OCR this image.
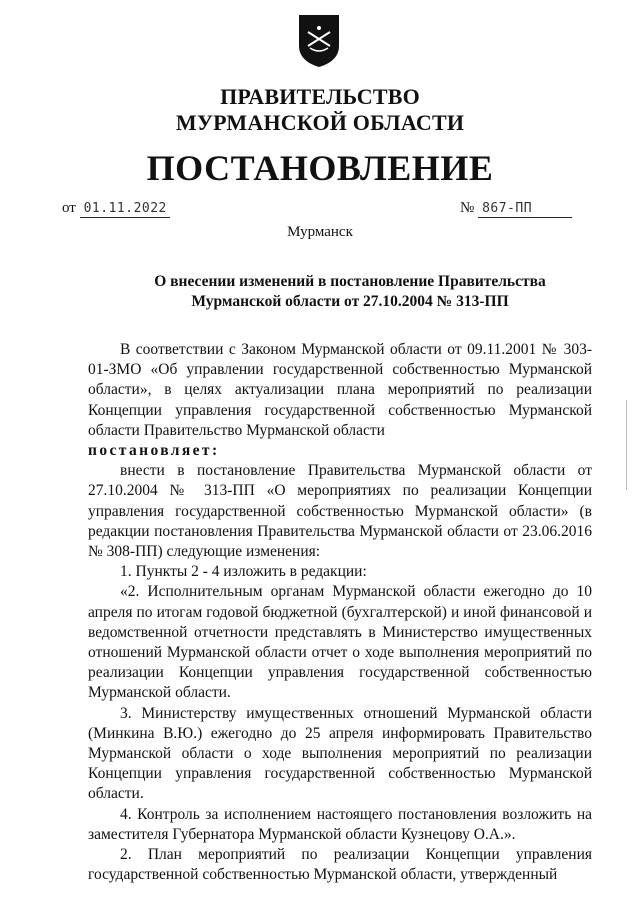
ПРАВИТЕЛЬСТВО
МУРМАНСКОЙ ОБЛАСТИ
ПОСТАНОВЛЕНИЕ
от 01.11.2022	№ 867-ПП
Мурманск
О внесении изменений в постановление Правительства
Мурманской области от 27.10.2004 № 313-ПП

В соответствии с Законом Мурманской области от 09.11.2001 № 303-01-ЗМО «Об управлении государственной собственностью Мурманской области», в целях актуализации плана мероприятий по реализации Концепции управления государственной собственностью Мурманской области Правительство Мурманской области

постановляет:

внести в постановление Правительства Мурманской области от 27.10.2004 № 313-ПП «О мероприятиях по реализации Концепции управления государственной собственностью Мурманской области» (в редакции постановления Правительства Мурманской области от 23.06.2016 № 308-ПП) следующие изменения:

1. Пункты 2 - 4 изложить в редакции:

«2. Исполнительным органам Мурманской области ежегодно до 10 апреля по итогам годовой бюджетной (бухгалтерской) и иной финансовой и ведомственной отчетности представлять в Министерство имущественных отношений Мурманской области отчет о ходе выполнения мероприятий по реализации Концепции управления государственной собственностью Мурманской области.

3. Министерству имущественных отношений Мурманской области (Минкина В.Ю.) ежегодно до 25 апреля информировать Правительство Мурманской области о ходе выполнения мероприятий по реализации Концепции управления государственной собственностью Мурманской области.

4. Контроль за исполнением настоящего постановления возложить на заместителя Губернатора Мурманской области Кузнецову О.А.».

2. План мероприятий по реализации Концепции управления государственной собственностью Мурманской области, утвержденный
